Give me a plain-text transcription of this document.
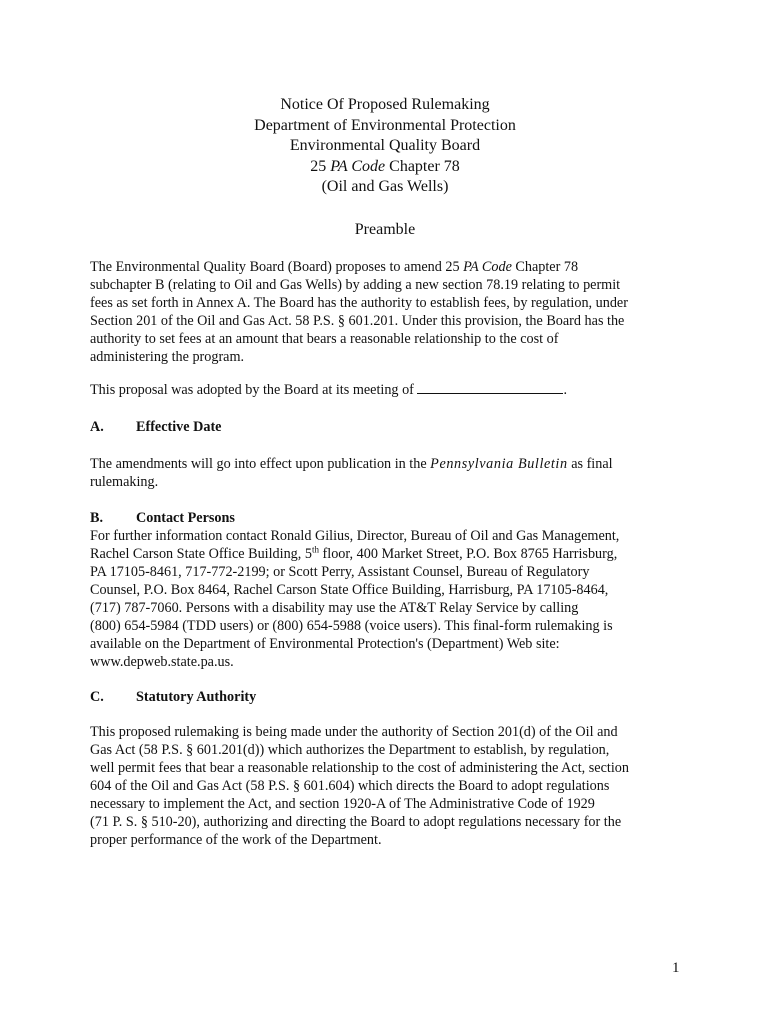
Notice Of Proposed Rulemaking
Department of Environmental Protection
Environmental Quality Board
25 PA Code Chapter 78
(Oil and Gas Wells)
Preamble
The Environmental Quality Board (Board) proposes to amend 25 PA Code Chapter 78
subchapter B (relating to Oil and Gas Wells) by adding a new section 78.19 relating to permit
fees as set forth in Annex A. The Board has the authority to establish fees, by regulation, under
Section 201 of the Oil and Gas Act. 58 P.S. § 601.201. Under this provision, the Board has the
authority to set fees at an amount that bears a reasonable relationship to the cost of
administering the program.
This proposal was adopted by the Board at its meeting of	.
A. Effective Date
The amendments will go into effect upon publication in the Pennsylvania Bulletin as final
rulemaking.
B. Contact Persons
For further information contact Ronald Gilius, Director, Bureau of Oil and Gas Management,
Rachel Carson State Office Building, 5th floor, 400 Market Street, P.O. Box 8765 Harrisburg,
PA 17105-8461, 717-772-2199; or Scott Perry, Assistant Counsel, Bureau of Regulatory
Counsel, P.O. Box 8464, Rachel Carson State Office Building, Harrisburg, PA 17105-8464,
(717) 787-7060. Persons with a disability may use the AT&T Relay Service by calling
(800) 654-5984 (TDD users) or (800) 654-5988 (voice users). This final-form rulemaking is
available on the Department of Environmental Protection's (Department) Web site:
www.depweb.state.pa.us.
C. Statutory Authority
This proposed rulemaking is being made under the authority of Section 201(d) of the Oil and
Gas Act (58 P.S. § 601.201(d)) which authorizes the Department to establish, by regulation,
well permit fees that bear a reasonable relationship to the cost of administering the Act, section
604 of the Oil and Gas Act (58 P.S. § 601.604) which directs the Board to adopt regulations
necessary to implement the Act, and section 1920-A of The Administrative Code of 1929
(71 P. S. § 510-20), authorizing and directing the Board to adopt regulations necessary for the
proper performance of the work of the Department.
1
